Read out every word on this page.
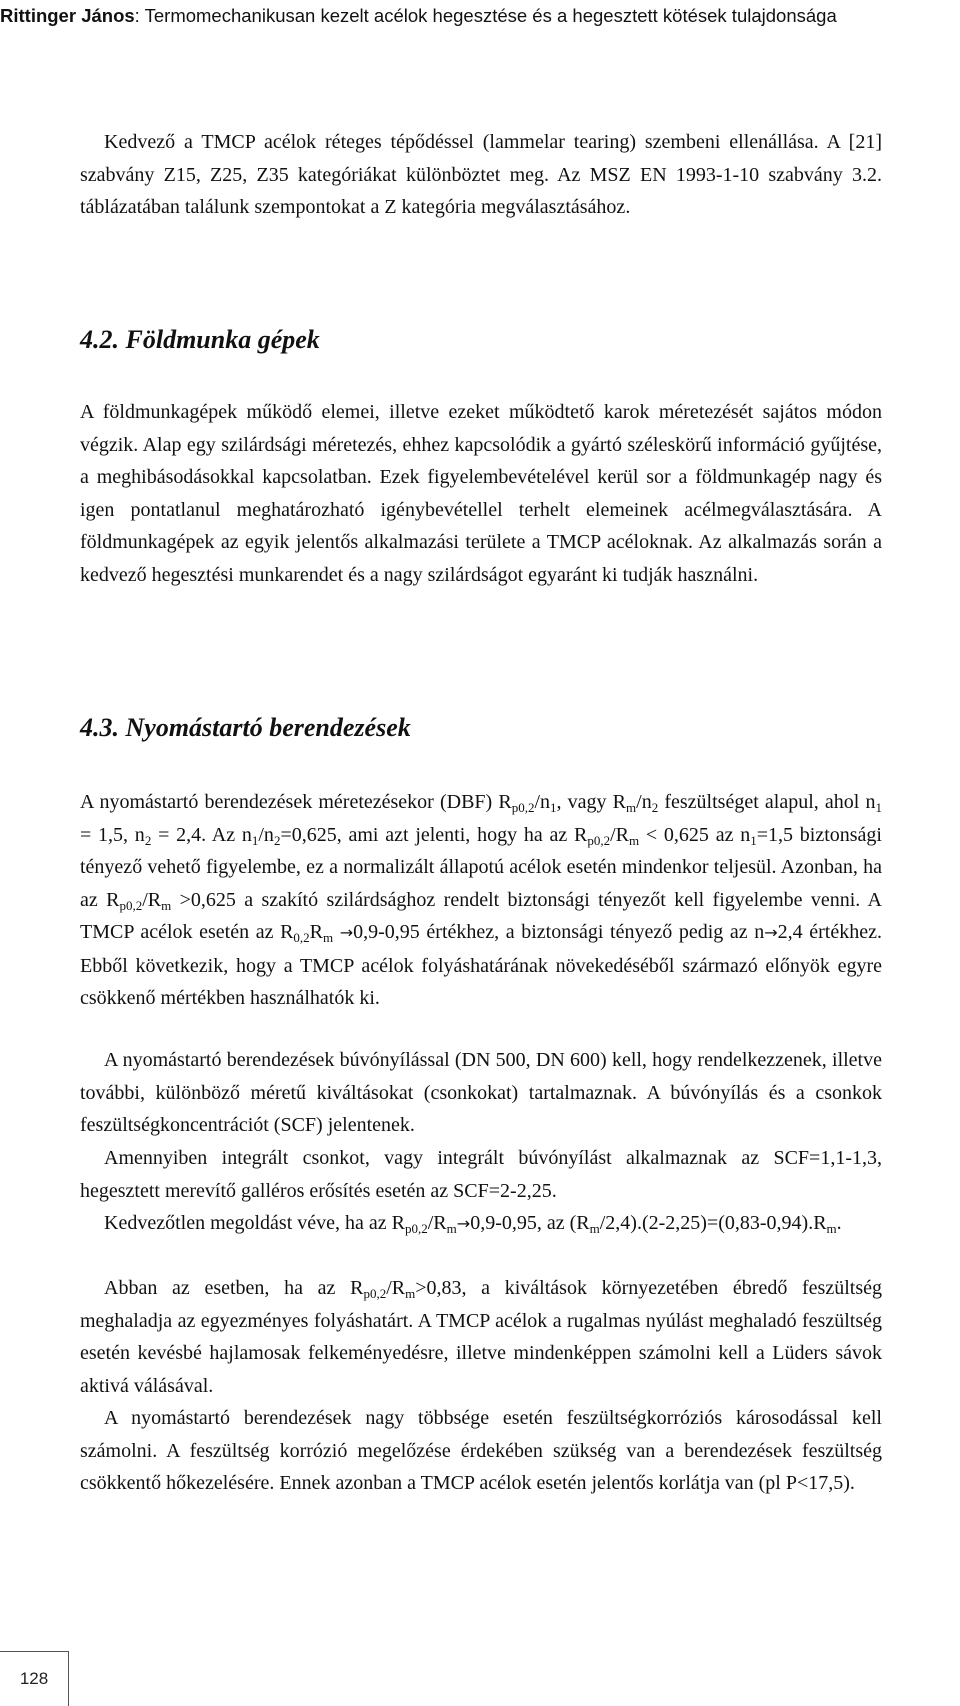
Rittinger János: Termomechanikusan kezelt acélok hegesztése és a hegesztett kötések tulajdonsága

Kedvező a TMCP acélok réteges tépődéssel (lammelar tearing) szembeni ellenállása. A [21] szabvány Z15, Z25, Z35 kategóriákat különböztet meg. Az MSZ EN 1993-1-10 szabvány 3.2. táblázatában találunk szempontokat a Z kategória megválasztásához.

4.2. Földmunka gépek

A földmunkagépek működő elemei, illetve ezeket működtető karok méretezését sajátos módon végzik. Alap egy szilárdsági méretezés, ehhez kapcsolódik a gyártó széleskörű információ gyűjtése, a meghibásodásokkal kapcsolatban. Ezek figyelembevételével kerül sor a földmunkagép nagy és igen pontatlanul meghatározható igénybevétellel terhelt elemeinek acélmegválasztására. A földmunkagépek az egyik jelentős alkalmazási területe a TMCP acéloknak. Az alkalmazás során a kedvező hegesztési munkarendet és a nagy szilárdságot egyaránt ki tudják használni.

4.3. Nyomástartó berendezések

A nyomástartó berendezések méretezésekor (DBF) $R_{p0,2}/n_1$, vagy $R_m/n_2$ feszültséget alapul, ahol $n_1 = 1,5$, $n_2 = 2,4$. Az $n_1/n_2=0,625$, ami azt jelenti, hogy ha az $R_{p0,2}/R_m < 0,625$ az $n_1=1,5$ biztonsági tényező vehető figyelembe, ez a normalizált állapotú acélok esetén mindenkor teljesül. Azonban, ha az $R_{p0,2}/R_m >0,625$ a szakító szilárdsághoz rendelt biztonsági tényezőt kell figyelembe venni. A TMCP acélok esetén az $R_{0,2}R_m \to 0,9-0,95$ értékhez, a biztonsági tényező pedig az n→2,4 értékhez. Ebből következik, hogy a TMCP acélok folyáshatárának növekedéséből származó előnyök egyre csökkenő mértékben használhatók ki.

A nyomástartó berendezések búvónyílással (DN 500, DN 600) kell, hogy rendelkezzenek, illetve további, különböző méretű kiváltásokat (csonkokat) tartalmaznak. A búvónyílás és a csonkok feszültségkoncentrációt (SCF) jelentenek.

Amennyiben integrált csonkot, vagy integrált búvónyílást alkalmaznak az SCF=1,1-1,3, hegesztett merevítő galléros erősítés esetén az SCF=2-2,25.

Kedvezőtlen megoldást véve, ha az $R_{p0,2}/R_m\to 0,9-0,95$, az $(R_m/2,4).(2-2,25)=(0,83-0,94).R_m$.

Abban az esetben, ha az $R_{p0,2}/R_m>0,83$, a kiváltások környezetében ébredő feszültség meghaladja az egyezményes folyáshatárt. A TMCP acélok a rugalmas nyúlást meghaladó feszültség esetén kevésbé hajlamosak felkeményedésre, illetve mindenképpen számolni kell a Lüders sávok aktivá válásával.

A nyomástartó berendezések nagy többsége esetén feszültségkorróziós károsodással kell számolni. A feszültség korrózió megelőzése érdekében szükség van a berendezések feszültség csökkentő hőkezelésére. Ennek azonban a TMCP acélok esetén jelentős korlátja van (pl P<17,5).

128
